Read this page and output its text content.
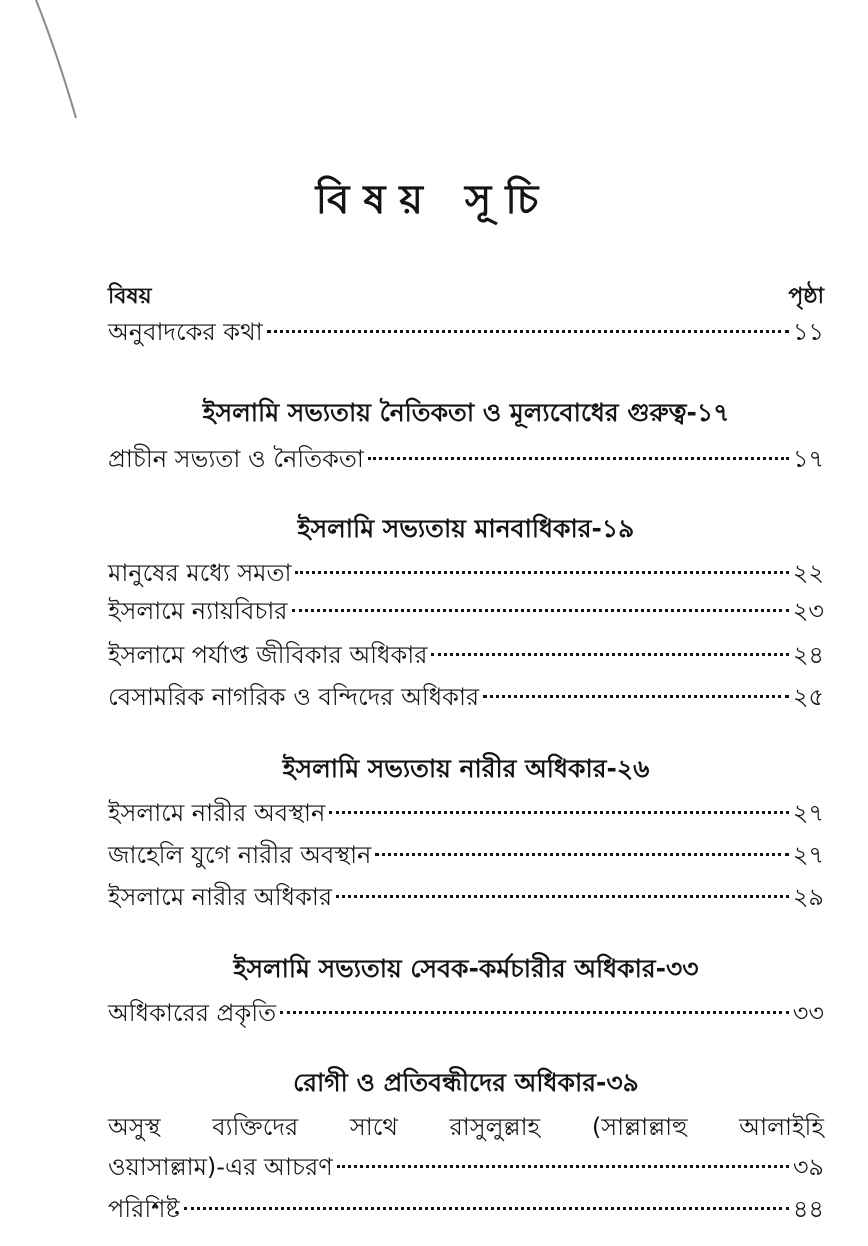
বিষয় সূচি
বিষয়	পৃষ্ঠা
অনুবাদকের কথা	১১
ইসলামি সভ্যতায় নৈতিকতা ও মূল্যবোধের গুরুত্ব-১৭
প্রাচীন সভ্যতা ও নৈতিকতা	১৭
ইসলামি সভ্যতায় মানবাধিকার-১৯
মানুষের মধ্যে সমতা	২২
ইসলামে ন্যায়বিচার	২৩
ইসলামে পর্যাপ্ত জীবিকার অধিকার	২৪
বেসামরিক নাগরিক ও বন্দিদের অধিকার	২৫
ইসলামি সভ্যতায় নারীর অধিকার-২৬
ইসলামে নারীর অবস্থান	২৭
জাহেলি যুগে নারীর অবস্থান	২৭
ইসলামে নারীর অধিকার	২৯
ইসলামি সভ্যতায় সেবক-কর্মচারীর অধিকার-৩৩
অধিকারের প্রকৃতি	৩৩
রোগী ও প্রতিবন্ধীদের অধিকার-৩৯
অসুস্থ ব্যক্তিদের সাথে রাসুলুল্লাহ (সাল্লাল্লাহু আলাইহি
ওয়াসাল্লাম)-এর আচরণ	৩৯
পরিশিষ্ট	৪৪
